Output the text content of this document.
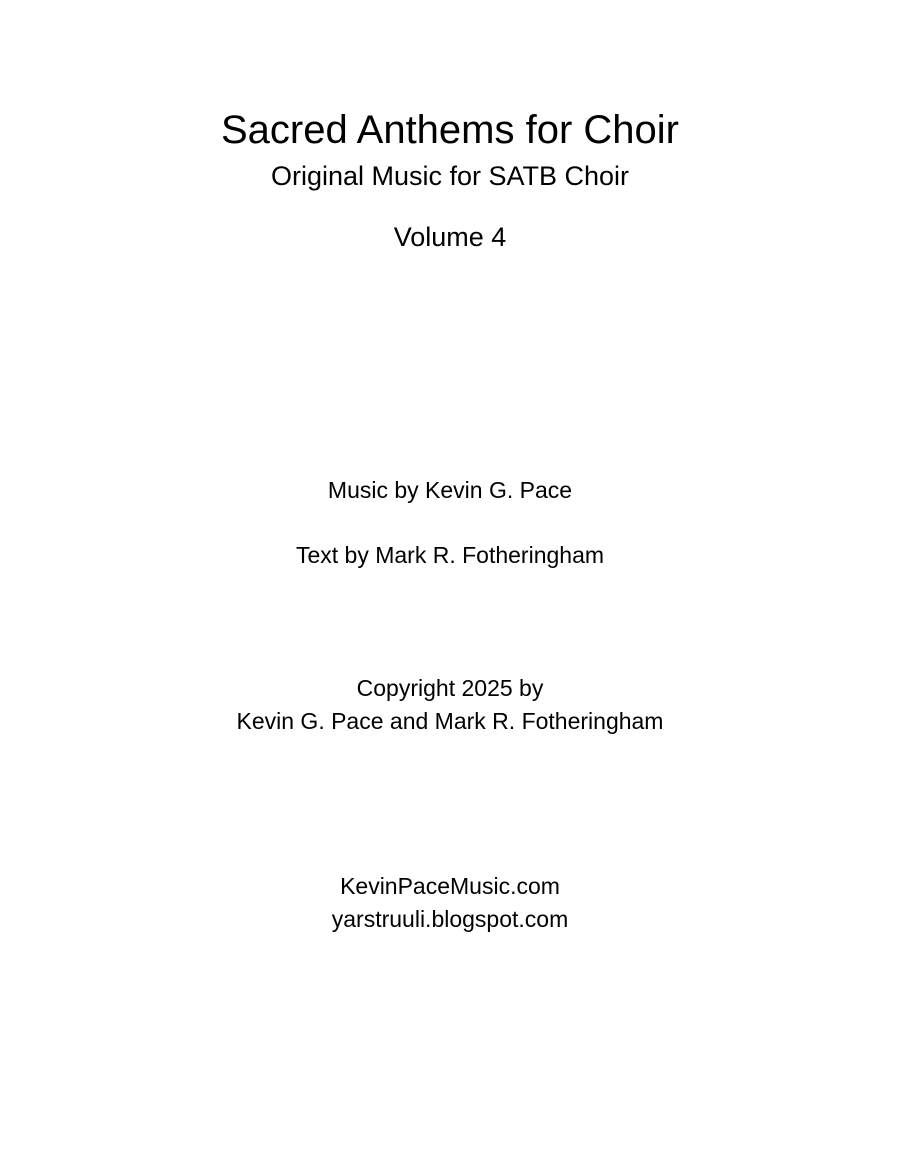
Sacred Anthems for Choir
Original Music for SATB Choir
Volume 4
Music by Kevin G. Pace
Text by Mark R. Fotheringham
Copyright 2025 by
Kevin G. Pace and Mark R. Fotheringham
KevinPaceMusic.com
yarstruuli.blogspot.com
